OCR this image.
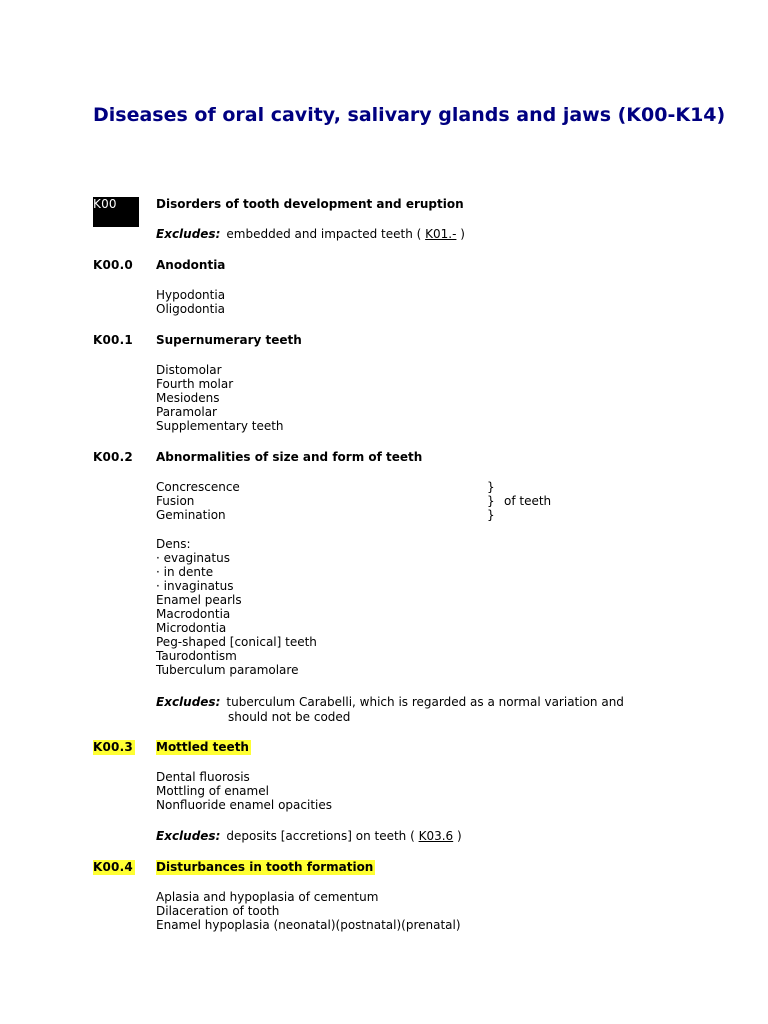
Diseases of oral cavity, salivary glands and jaws (K00-K14)
K00	Disorders of tooth development and eruption
Excludes: embedded and impacted teeth ( K01.- )
K00.0 Anodontia
Hypodontia
Oligodontia
K00.1 Supernumerary teeth
Distomolar
Fourth molar
Mesiodens
Paramolar
Supplementary teeth
K00.2 Abnormalities of size and form of teeth
Concrescence
Fusion
Gemination
}
}
}
of teeth
Dens:
· evaginatus
· in dente
· invaginatus
Enamel pearls
Macrodontia
Microdontia
Peg-shaped [conical] teeth
Taurodontism
Tuberculum paramolare
Excludes: tuberculum Carabelli, which is regarded as a normal variation and
should not be coded
K00.3 Mottled teeth
Dental fluorosis
Mottling of enamel
Nonfluoride enamel opacities
Excludes: deposits [accretions] on teeth ( K03.6 )
K00.4 Disturbances in tooth formation
Aplasia and hypoplasia of cementum
Dilaceration of tooth
Enamel hypoplasia (neonatal)(postnatal)(prenatal)
